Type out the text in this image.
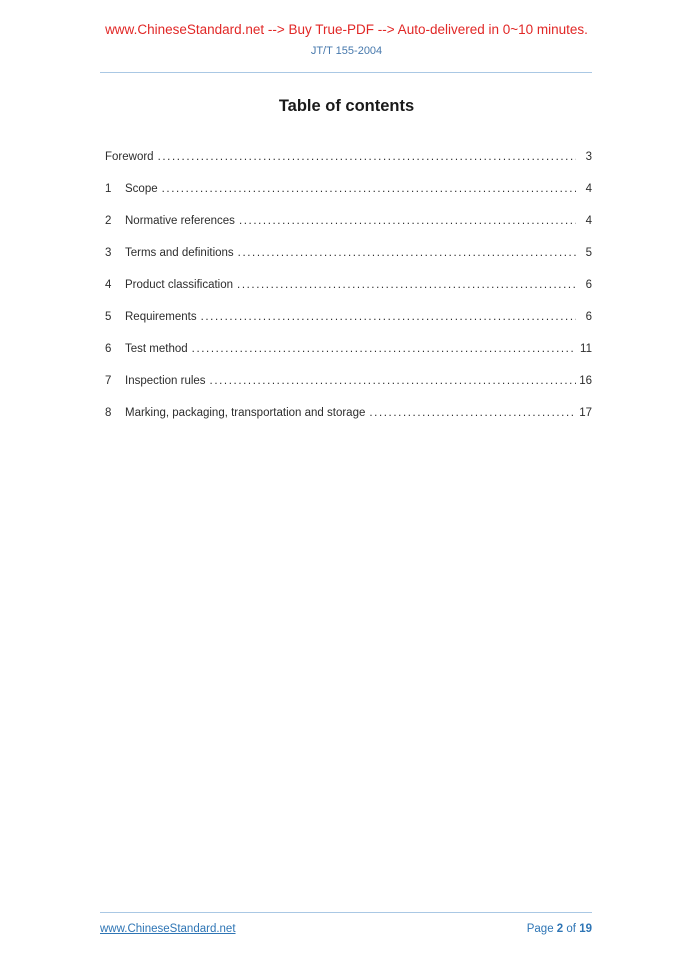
www.ChineseStandard.net --> Buy True-PDF --> Auto-delivered in 0~10 minutes.
JT/T 155-2004
Table of contents
Foreword .....	3
1	Scope .....	4
2	Normative references .....	4
3	Terms and definitions .....	5
4	Product classification .....	6
5	Requirements .....	6
6	Test method .....	11
7	Inspection rules .....	16
8	Marking, packaging, transportation and storage .....	17
www.ChineseStandard.net	Page 2 of 19
